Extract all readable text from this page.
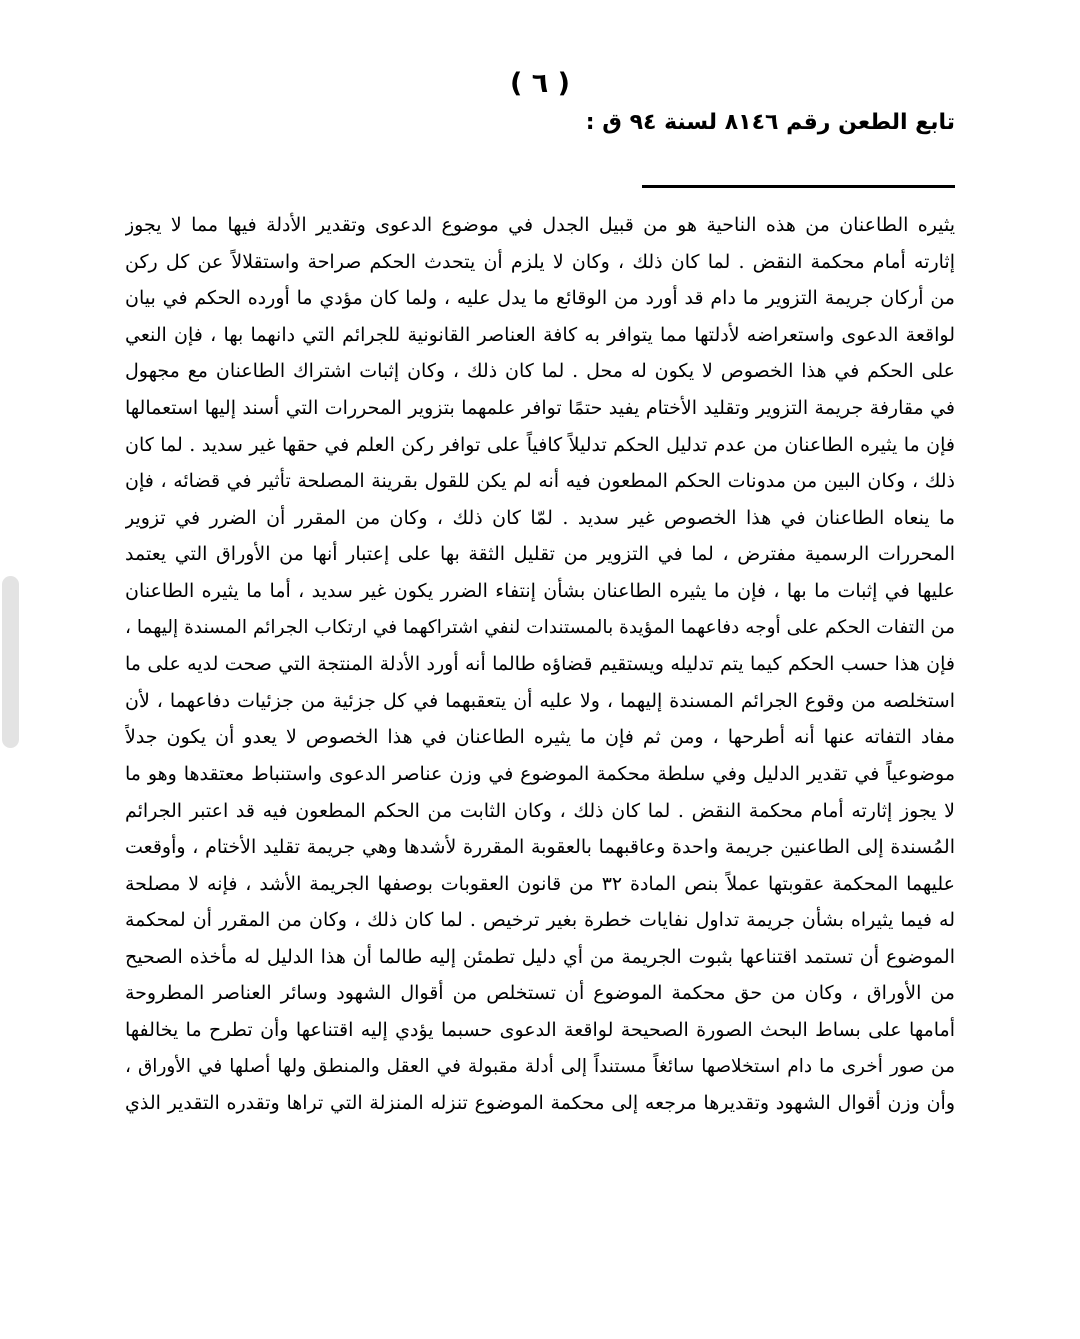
( ٦ )
تابع الطعن رقم ٨١٤٦ لسنة ٩٤ ق :
يثيره الطاعنان من هذه الناحية هو من قبيل الجدل في موضوع الدعوى وتقدير الأدلة فيها مما لا يجوز
إثارته أمام محكمة النقض . لما كان ذلك ، وكان لا يلزم أن يتحدث الحكم صراحة واستقلالاً عن كل ركن
من أركان جريمة التزوير ما دام قد أورد من الوقائع ما يدل عليه ، ولما كان مؤدي ما أورده الحكم في بيان
لواقعة الدعوى واستعراضه لأدلتها مما يتوافر به كافة العناصر القانونية للجرائم التي دانهما بها ، فإن النعي
على الحكم في هذا الخصوص لا يكون له محل . لما كان ذلك ، وكان إثبات اشتراك الطاعنان مع مجهول
في مقارفة جريمة التزوير وتقليد الأختام يفيد حتمًا توافر علمهما بتزوير المحررات التي أسند إليها استعمالها
فإن ما يثيره الطاعنان من عدم تدليل الحكم تدليلاً كافياً على توافر ركن العلم في حقها غير سديد . لما كان
ذلك ، وكان البين من مدونات الحكم المطعون فيه أنه لم يكن للقول بقرينة المصلحة تأثير في قضائه ، فإن
ما ينعاه الطاعنان في هذا الخصوص غير سديد . لمّا كان ذلك ، وكان من المقرر أن الضرر في تزوير
المحررات الرسمية مفترض ، لما في التزوير من تقليل الثقة بها على إعتبار أنها من الأوراق التي يعتمد
عليها في إثبات ما بها ، فإن ما يثيره الطاعنان بشأن إنتفاء الضرر يكون غير سديد ، أما ما يثيره الطاعنان
من التفات الحكم على أوجه دفاعهما المؤيدة بالمستندات لنفي اشتراكهما في ارتكاب الجرائم المسندة إليهما ،
فإن هذا حسب الحكم كيما يتم تدليله ويستقيم قضاؤه طالما أنه أورد الأدلة المنتجة التي صحت لديه على ما
استخلصه من وقوع الجرائم المسندة إليهما ، ولا عليه أن يتعقبهما في كل جزئية من جزئيات دفاعهما ، لأن
مفاد التفاته عنها أنه أطرحها ، ومن ثم فإن ما يثيره الطاعنان في هذا الخصوص لا يعدو أن يكون جدلاً
موضوعياً في تقدير الدليل وفي سلطة محكمة الموضوع في وزن عناصر الدعوى واستنباط معتقدها وهو ما
لا يجوز إثارته أمام محكمة النقض . لما كان ذلك ، وكان الثابت من الحكم المطعون فيه قد اعتبر الجرائم
المُسندة إلى الطاعنين جريمة واحدة وعاقبهما بالعقوبة المقررة لأشدها وهي جريمة تقليد الأختام ، وأوقعت
عليهما المحكمة عقوبتها عملاً بنص المادة ٣٢ من قانون العقوبات بوصفها الجريمة الأشد ، فإنه لا مصلحة
له فيما يثيراه بشأن جريمة تداول نفايات خطرة بغير ترخيص . لما كان ذلك ، وكان من المقرر أن لمحكمة
الموضوع أن تستمد اقتناعها بثبوت الجريمة من أي دليل تطمئن إليه طالما أن هذا الدليل له مأخذه الصحيح
من الأوراق ، وكان من حق محكمة الموضوع أن تستخلص من أقوال الشهود وسائر العناصر المطروحة
أمامها على بساط البحث الصورة الصحيحة لواقعة الدعوى حسبما يؤدي إليه اقتناعها وأن تطرح ما يخالفها
من صور أخرى ما دام استخلاصها سائغاً مستنداً إلى أدلة مقبولة في العقل والمنطق ولها أصلها في الأوراق ،
وأن وزن أقوال الشهود وتقديرها مرجعه إلى محكمة الموضوع تنزله المنزلة التي تراها وتقدره التقدير الذي
